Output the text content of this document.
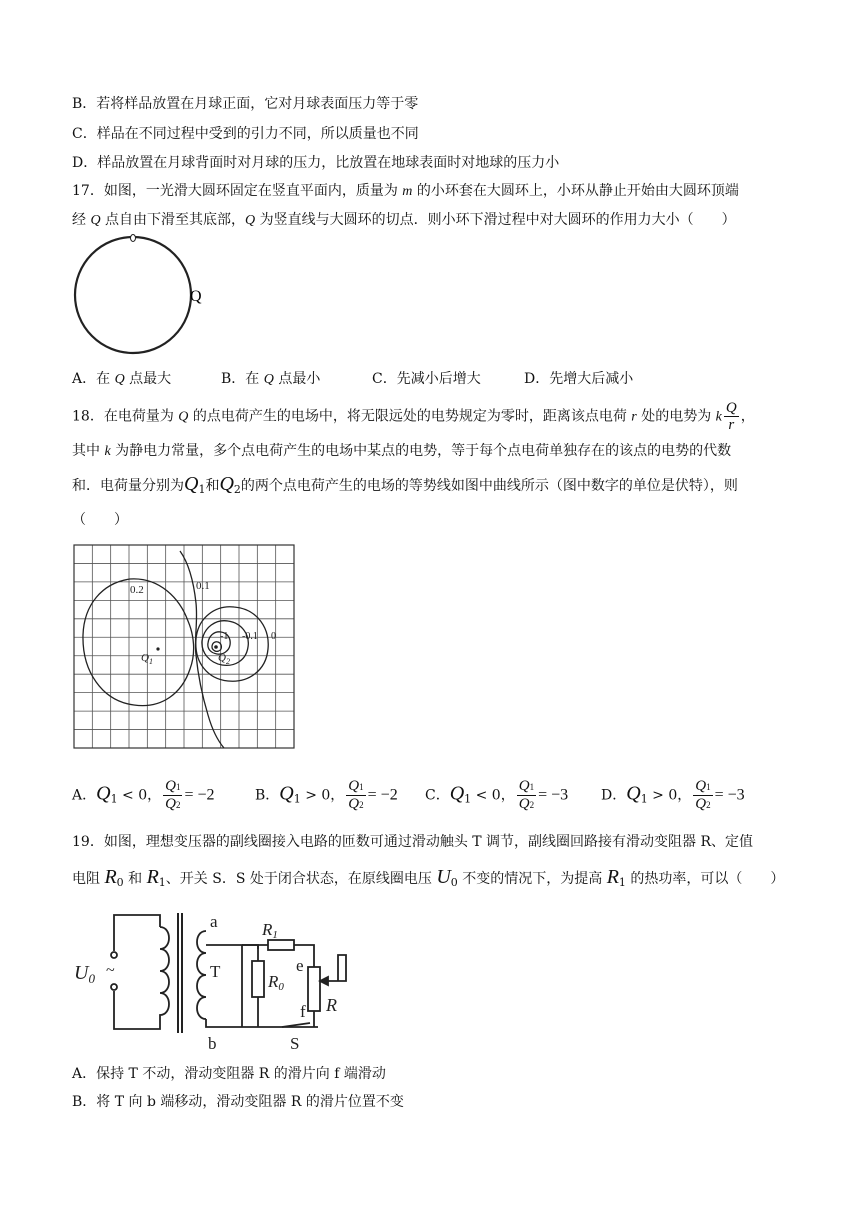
B．若将样品放置在月球正面，它对月球表面压力等于零
C．样品在不同过程中受到的引力不同，所以质量也不同
D．样品放置在月球背面时对月球的压力，比放置在地球表面时对地球的压力小
17．如图，一光滑大圆环固定在竖直平面内，质量为 m 的小环套在大圆环上，小环从静止开始由大圆环顶端
经 Q 点自由下滑至其底部，Q 为竖直线与大圆环的切点．则小环下滑过程中对大圆环的作用力大小（　　）
Q
A．在 Q 点最大	B．在 Q 点最小	C．先减小后增大	D．先增大后减小
18．在电荷量为 Q 的点电荷产生的电场中，将无限远处的电势规定为零时，距离该点电荷 r 处的电势为 k $\frac{Q}{r}$ ，
其中 k 为静电力常量，多个点电荷产生的电场中某点的电势，等于每个点电荷单独存在的该点的电势的代数
和．电荷量分别为$Q_1$和$Q_2$的两个点电荷产生的电场的等势线如图中曲线所示（图中数字的单位是伏特），则
（　　）
0.2	0.1
-1 -0.1 0
$Q_1$	$Q_2$
A．$Q_1 < 0$， $\frac{Q1}{Q2} = -2$	B．$Q_1 > 0$， $\frac{Q1}{Q2} = -2$ C．$Q_1 < 0$， $\frac{Q1}{Q2} = -3$ D．$Q_1 > 0$， $\frac{Q1}{Q2} = -3$
19．如图，理想变压器的副线圈接入电路的匝数可通过滑动触头 T 调节，副线圈回路接有滑动变阻器 R、定值
电阻 $R_0$ 和 $R_1$、开关 S．S 处于闭合状态，在原线圈电压 $U_0$ 不变的情况下，为提高 $R_1$ 的热功率，可以（　　）
$U_0$ ~
a
T
b
R1
R0
e
f R
S
A．保持 T 不动，滑动变阻器 R 的滑片向 f 端滑动
B．将 T 向 b 端移动，滑动变阻器 R 的滑片位置不变
